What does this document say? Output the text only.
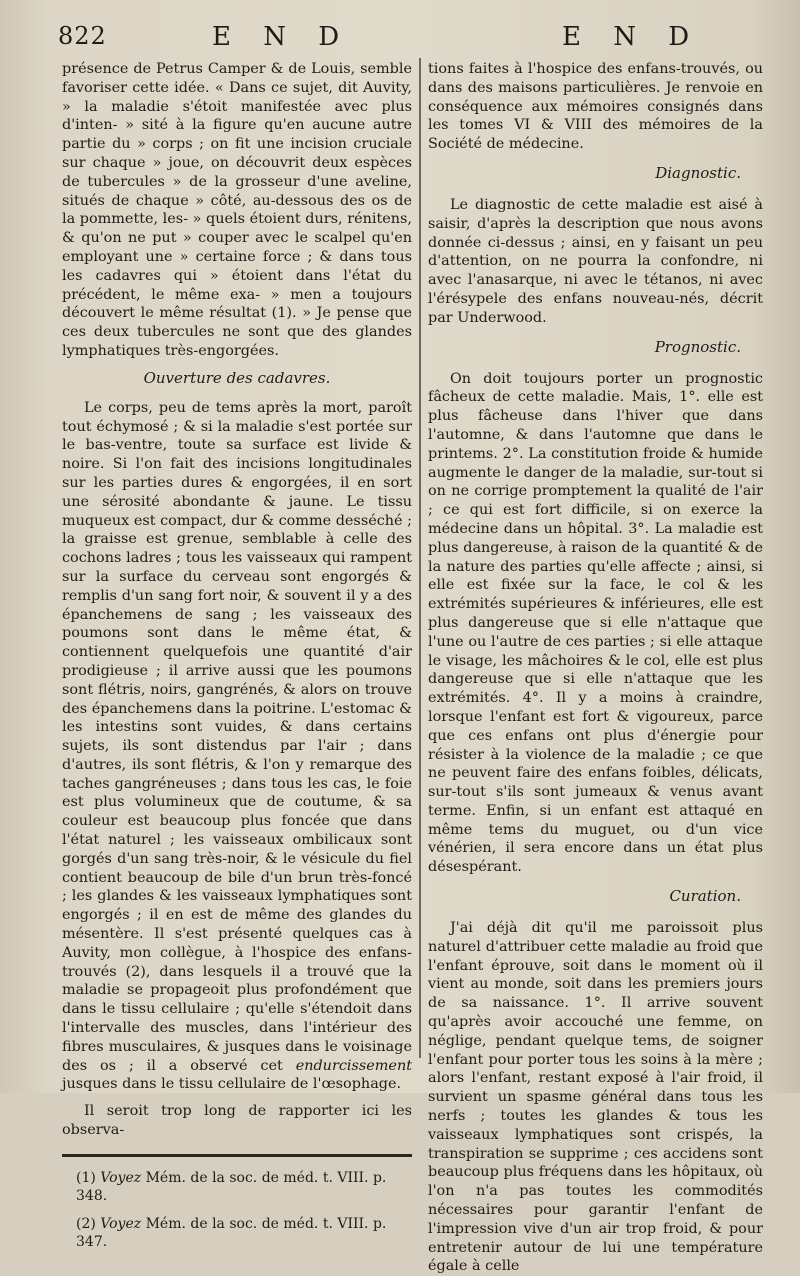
822	E N D	E N D

présence de Petrus Camper & de Louis, semble favoriser cette idée. « Dans ce sujet, dit Auvity, » la maladie s'étoit manifestée avec plus d'inten- » sité à la figure qu'en aucune autre partie du » corps ; on fit une incision cruciale sur chaque » joue, on découvrit deux espèces de tubercules » de la grosseur d'une aveline, situés de chaque » côté, au-dessous des os de la pommette, les- » quels étoient durs, rénitens, & qu'on ne put » couper avec le scalpel qu'en employant une » certaine force ; & dans tous les cadavres qui » étoient dans l'état du précédent, le même exa- » men a toujours découvert le même résultat (1). » Je pense que ces deux tubercules ne sont que des glandes lymphatiques très-engorgées.

Ouverture des cadavres.

Le corps, peu de tems après la mort, paroît tout échymosé ; & si la maladie s'est portée sur le bas-ventre, toute sa surface est livide & noire. Si l'on fait des incisions longitudinales sur les parties dures & engorgées, il en sort une sérosité abondante & jaune. Le tissu muqueux est compact, dur & comme desséché ; la graisse est grenue, semblable à celle des cochons ladres ; tous les vaisseaux qui rampent sur la surface du cerveau sont engorgés & remplis d'un sang fort noir, & souvent il y a des épanchemens de sang ; les vaisseaux des poumons sont dans le même état, & contiennent quelquefois une quantité d'air prodigieuse ; il arrive aussi que les poumons sont flétris, noirs, gangrénés, & alors on trouve des épanchemens dans la poitrine. L'estomac & les intestins sont vuides, & dans certains sujets, ils sont distendus par l'air ; dans d'autres, ils sont flétris, & l'on y remarque des taches gangréneuses ; dans tous les cas, le foie est plus volumineux que de coutume, & sa couleur est beaucoup plus foncée que dans l'état naturel ; les vaisseaux ombilicaux sont gorgés d'un sang très-noir, & le vésicule du fiel contient beaucoup de bile d'un brun très-foncé ; les glandes & les vaisseaux lymphatiques sont engorgés ; il en est de même des glandes du mésentère. Il s'est présenté quelques cas à Auvity, mon collègue, à l'hospice des enfans-trouvés (2), dans lesquels il a trouvé que la maladie se propageoit plus profondément que dans le tissu cellulaire ; qu'elle s'étendoit dans l'intervalle des muscles, dans l'intérieur des fibres musculaires, & jusques dans le voisinage des os ; il a observé cet endurcissement jusques dans le tissu cellulaire de l'œsophage.

Il seroit trop long de rapporter ici les observa-

(1) Voyez Mém. de la soc. de méd. t. VIII. p. 348.
(2) Voyez Mém. de la soc. de méd. t. VIII. p. 347.

tions faites à l'hospice des enfans-trouvés, ou dans des maisons particulières. Je renvoie en conséquence aux mémoires consignés dans les tomes VI & VIII des mémoires de la Société de médecine.

Diagnostic.

Le diagnostic de cette maladie est aisé à saisir, d'après la description que nous avons donnée ci-dessus ; ainsi, en y faisant un peu d'attention, on ne pourra la confondre, ni avec l'anasarque, ni avec le tétanos, ni avec l'érésypele des enfans nouveau-nés, décrit par Underwood.

Prognostic.

On doit toujours porter un prognostic fâcheux de cette maladie. Mais, 1°. elle est plus fâcheuse dans l'hiver que dans l'automne, & dans l'automne que dans le printems. 2°. La constitution froide & humide augmente le danger de la maladie, sur-tout si on ne corrige promptement la qualité de l'air ; ce qui est fort difficile, si on exerce la médecine dans un hôpital. 3°. La maladie est plus dangereuse, à raison de la quantité & de la nature des parties qu'elle affecte ; ainsi, si elle est fixée sur la face, le col & les extrémités supérieures & inférieures, elle est plus dangereuse que si elle n'attaque que l'une ou l'autre de ces parties ; si elle attaque le visage, les mâchoires & le col, elle est plus dangereuse que si elle n'attaque que les extrémités. 4°. Il y a moins à craindre, lorsque l'enfant est fort & vigoureux, parce que ces enfans ont plus d'énergie pour résister à la violence de la maladie ; ce que ne peuvent faire des enfans foibles, délicats, sur-tout s'ils sont jumeaux & venus avant terme. Enfin, si un enfant est attaqué en même tems du muguet, ou d'un vice vénérien, il sera encore dans un état plus désespérant.

Curation.

J'ai déjà dit qu'il me paroissoit plus naturel d'attribuer cette maladie au froid que l'enfant éprouve, soit dans le moment où il vient au monde, soit dans les premiers jours de sa naissance. 1°. Il arrive souvent qu'après avoir accouché une femme, on néglige, pendant quelque tems, de soigner l'enfant pour porter tous les soins à la mère ; alors l'enfant, restant exposé à l'air froid, il survient un spasme général dans tous les nerfs ; toutes les glandes & tous les vaisseaux lymphatiques sont crispés, la transpiration se supprime ; ces accidens sont beaucoup plus fréquens dans les hôpitaux, où l'on n'a pas toutes les commodités nécessaires pour garantir l'enfant de l'impression vive d'un air trop froid, & pour entretenir autour de lui une température égale à celle
